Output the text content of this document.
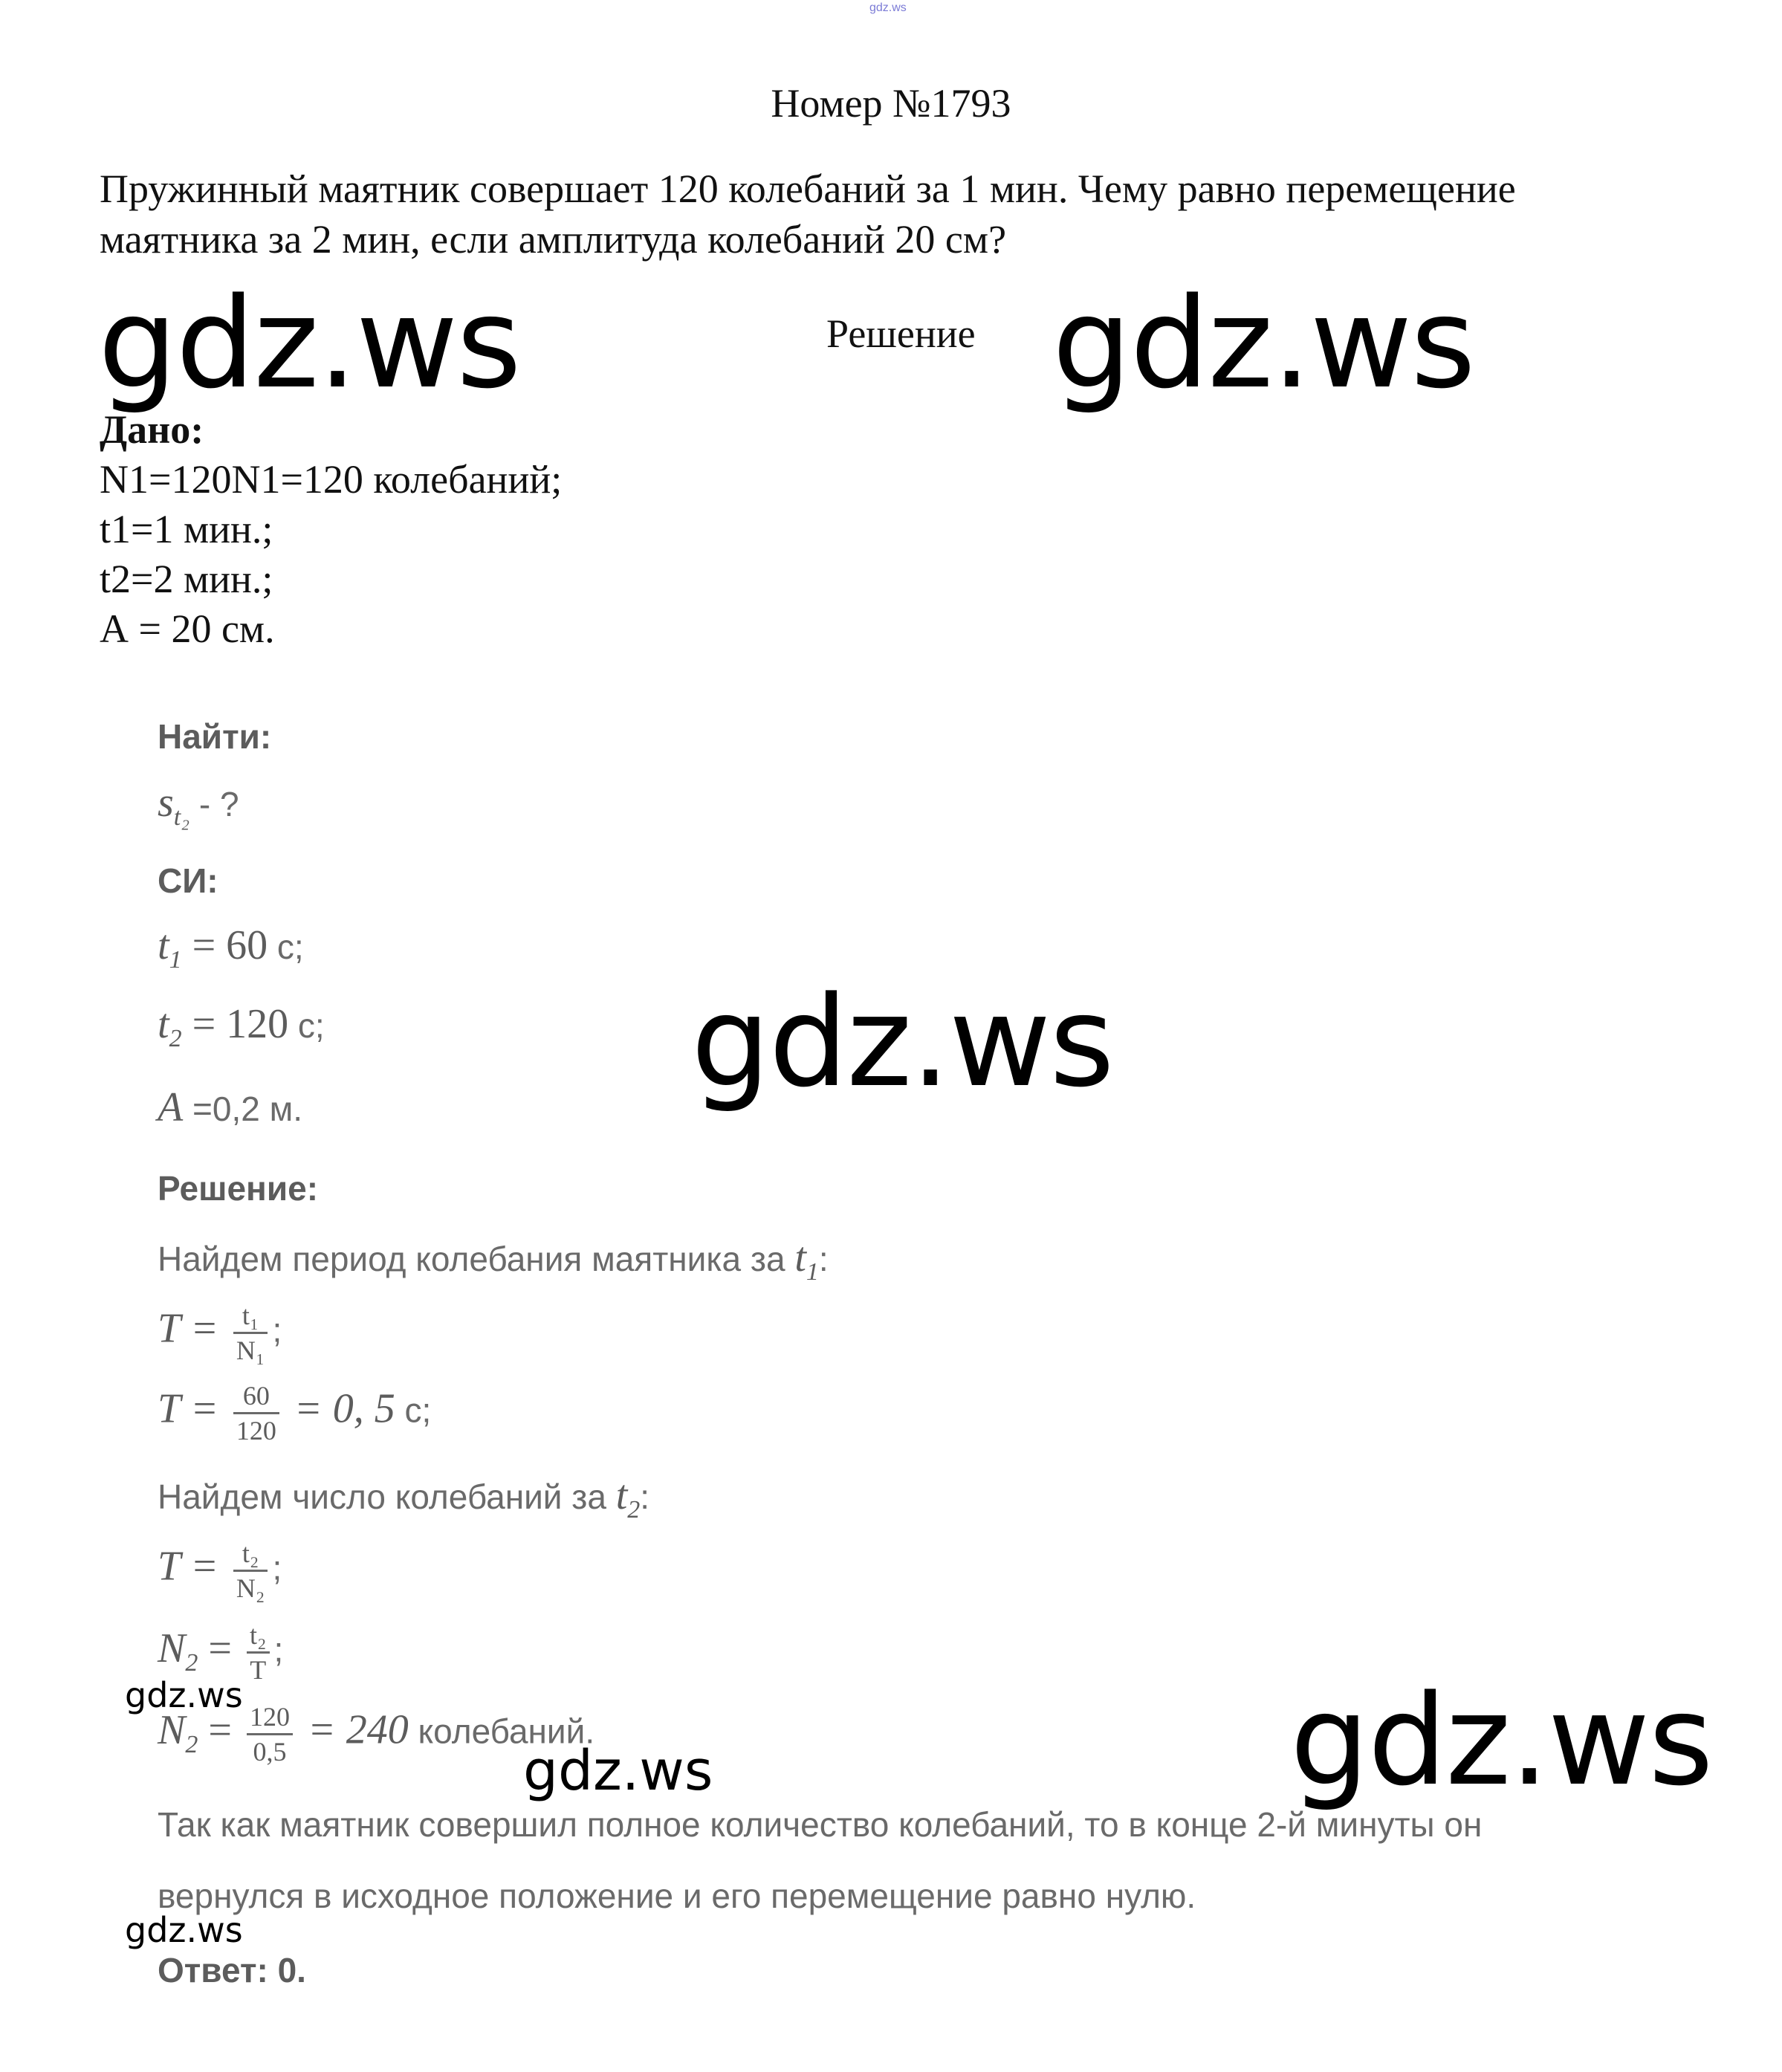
gdz.ws
Номер №1793
Пружинный маятник совершает 120 колебаний за 1 мин. Чему равно перемещение
маятника за 2 мин, если амплитуда колебаний 20 см?
gdz.ws	Решение gdz.ws
Дано:
N1=120N1=120 колебаний;
t1=1 мин.;
t2=2 мин.;
А = 20 см.
Найти:
$s_{t_2}$ - ?
СИ:
$t_1 = 60$ с;
$t_2 = 120$ с;
A =0,2 м.	gdz.ws
Решение:
Найдем период колебания маятника за $t_1$:
$T = \frac{\text{t₁}}{\text{N₁}}$ ;
$T = \frac{60}{120} = 0$, 5 с;
Найдем число колебаний за $t_2$:
$T = \frac{\text{t₂}}{\text{N₂}}$ ;
$N_2 = \frac{\text{t₂}}{T}$ ;
$N_2 = \frac{120}{0,5} = 240$ колебаний.
gdz.ws
gdz.ws	gdz.ws
Так как маятник совершил полное количество колебаний, то в конце 2-й минуты он
вернулся в исходное положение и его перемещение равно нулю.
gdz.ws
Ответ: 0.
